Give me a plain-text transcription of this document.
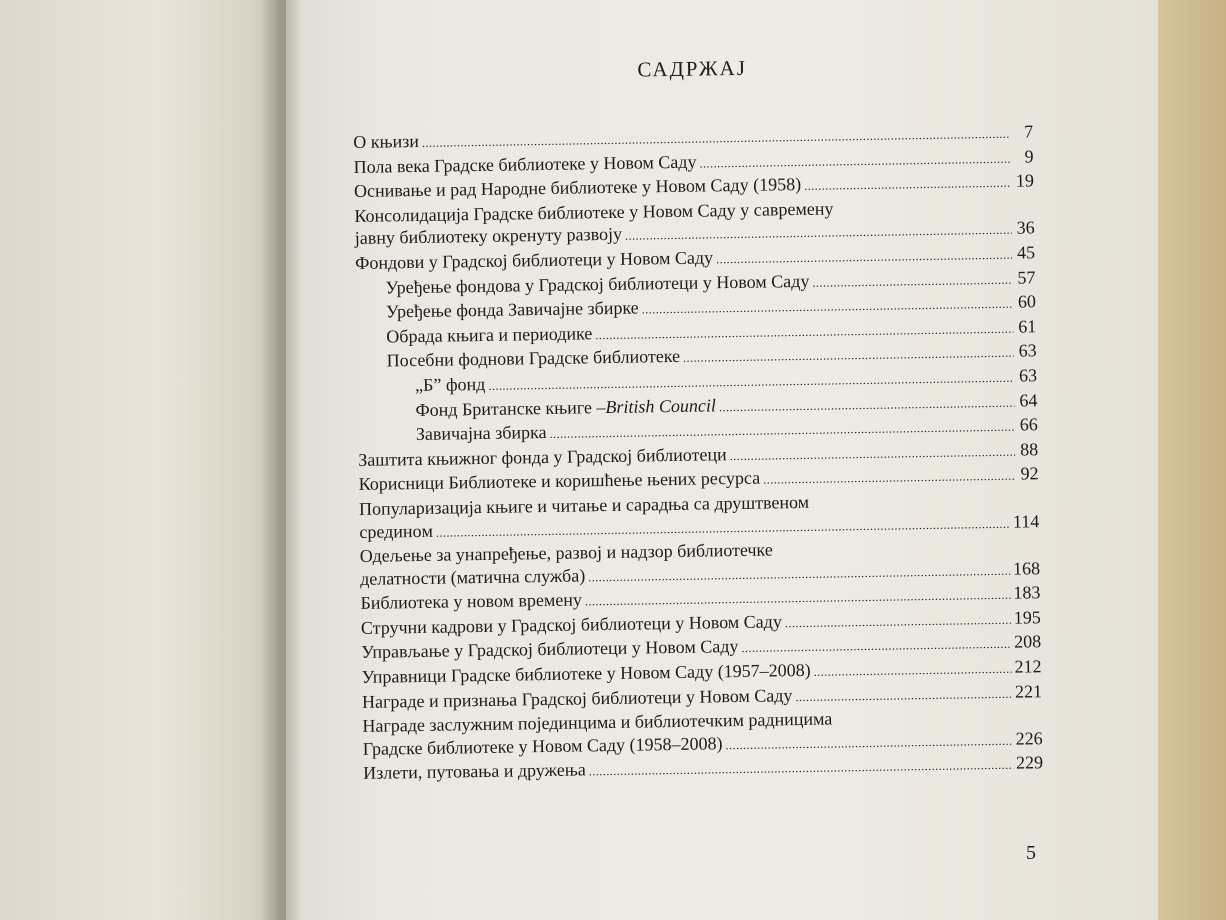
САДРЖАЈ
О књизи .....	7
Пола века Градске библиотеке у Новом Саду .....	9
Оснивање и рад Народне библиотеке у Новом Саду (1958) .....	19
Консолидација Градске библиотеке у Новом Саду у савремену
јавну библиотеку окренуту развоју .....	36
Фондови у Градској библиотеци у Новом Саду .....	45
Уређење фондова у Градској библиотеци у Новом Саду .....	57
Уређење фонда Завичајне збирке .....	60
Обрада књига и периодике .....	61
Посебни фоднови Градске библиотеке .....	63
„Б” фонд .....	63
Фонд Британске књиге – British Council .....	64
Завичајна збирка .....	66
Заштита књижног фонда у Градској библиотеци .....	88
Корисници Библиотеке и коришћење њених ресурса .....	92
Популаризација књиге и читање и сарадња са друштвеном
срединoм .....	114
Одељење за унапређење, развој и надзор библиотечке
делатности (матична служба) .....	168
Библиотека у новом времену .....	183
Стручни кадрови у Градској библиотеци у Новом Саду .....	195
Управљање у Градској библиотеци у Новом Саду .....	208
Управници Градске библиотеке у Новом Саду (1957–2008) .....	212
Награде и признања Градској библиотеци у Новом Саду .....	221
Награде заслужним појединцима и библиотечким радницима
Градске библиотеке у Новом Саду (1958–2008) .....	226
Излети, путовања и дружења .....	229
5
